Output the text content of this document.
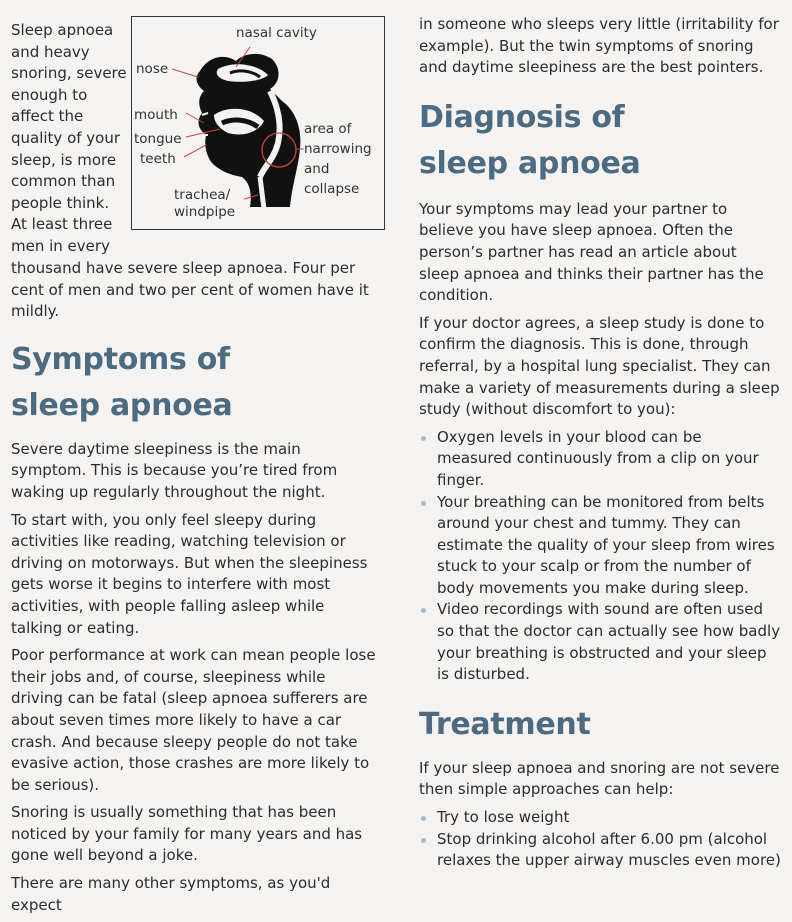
Sleep apnoea and heavy snoring, severe enough to affect the quality of your sleep, is more common than people think. At least three men in every

nasal cavity
nose
mouth
tongue
teeth
trachea/
windpipe
area of
narrowing
and
collapse

thousand have severe sleep apnoea. Four per cent of men and two per cent of women have it mildly.

Symptoms of
sleep apnoea

Severe daytime sleepiness is the main symptom. This is because you’re tired from waking up regularly throughout the night.

To start with, you only feel sleepy during activities like reading, watching television or driving on motorways. But when the sleepiness gets worse it begins to interfere with most activities, with people falling asleep while talking or eating.

Poor performance at work can mean people lose their jobs and, of course, sleepiness while driving can be fatal (sleep apnoea sufferers are about seven times more likely to have a car crash. And because sleepy people do not take evasive action, those crashes are more likely to be serious).

Snoring is usually something that has been noticed by your family for many years and has gone well beyond a joke.

There are many other symptoms, as you'd expect

in someone who sleeps very little (irritability for example). But the twin symptoms of snoring and daytime sleepiness are the best pointers.

Diagnosis of
sleep apnoea

Your symptoms may lead your partner to believe you have sleep apnoea. Often the person’s partner has read an article about sleep apnoea and thinks their partner has the condition.

If your doctor agrees, a sleep study is done to confirm the diagnosis. This is done, through referral, by a hospital lung specialist. They can make a variety of measurements during a sleep study (without discomfort to you):

Oxygen levels in your blood can be measured continuously from a clip on your finger.
Your breathing can be monitored from belts around your chest and tummy. They can estimate the quality of your sleep from wires stuck to your scalp or from the number of body movements you make during sleep.
Video recordings with sound are often used so that the doctor can actually see how badly your breathing is obstructed and your sleep is disturbed.
Treatment

If your sleep apnoea and snoring are not severe then simple approaches can help:

Try to lose weight
Stop drinking alcohol after 6.00 pm (alcohol relaxes the upper airway muscles even more)
